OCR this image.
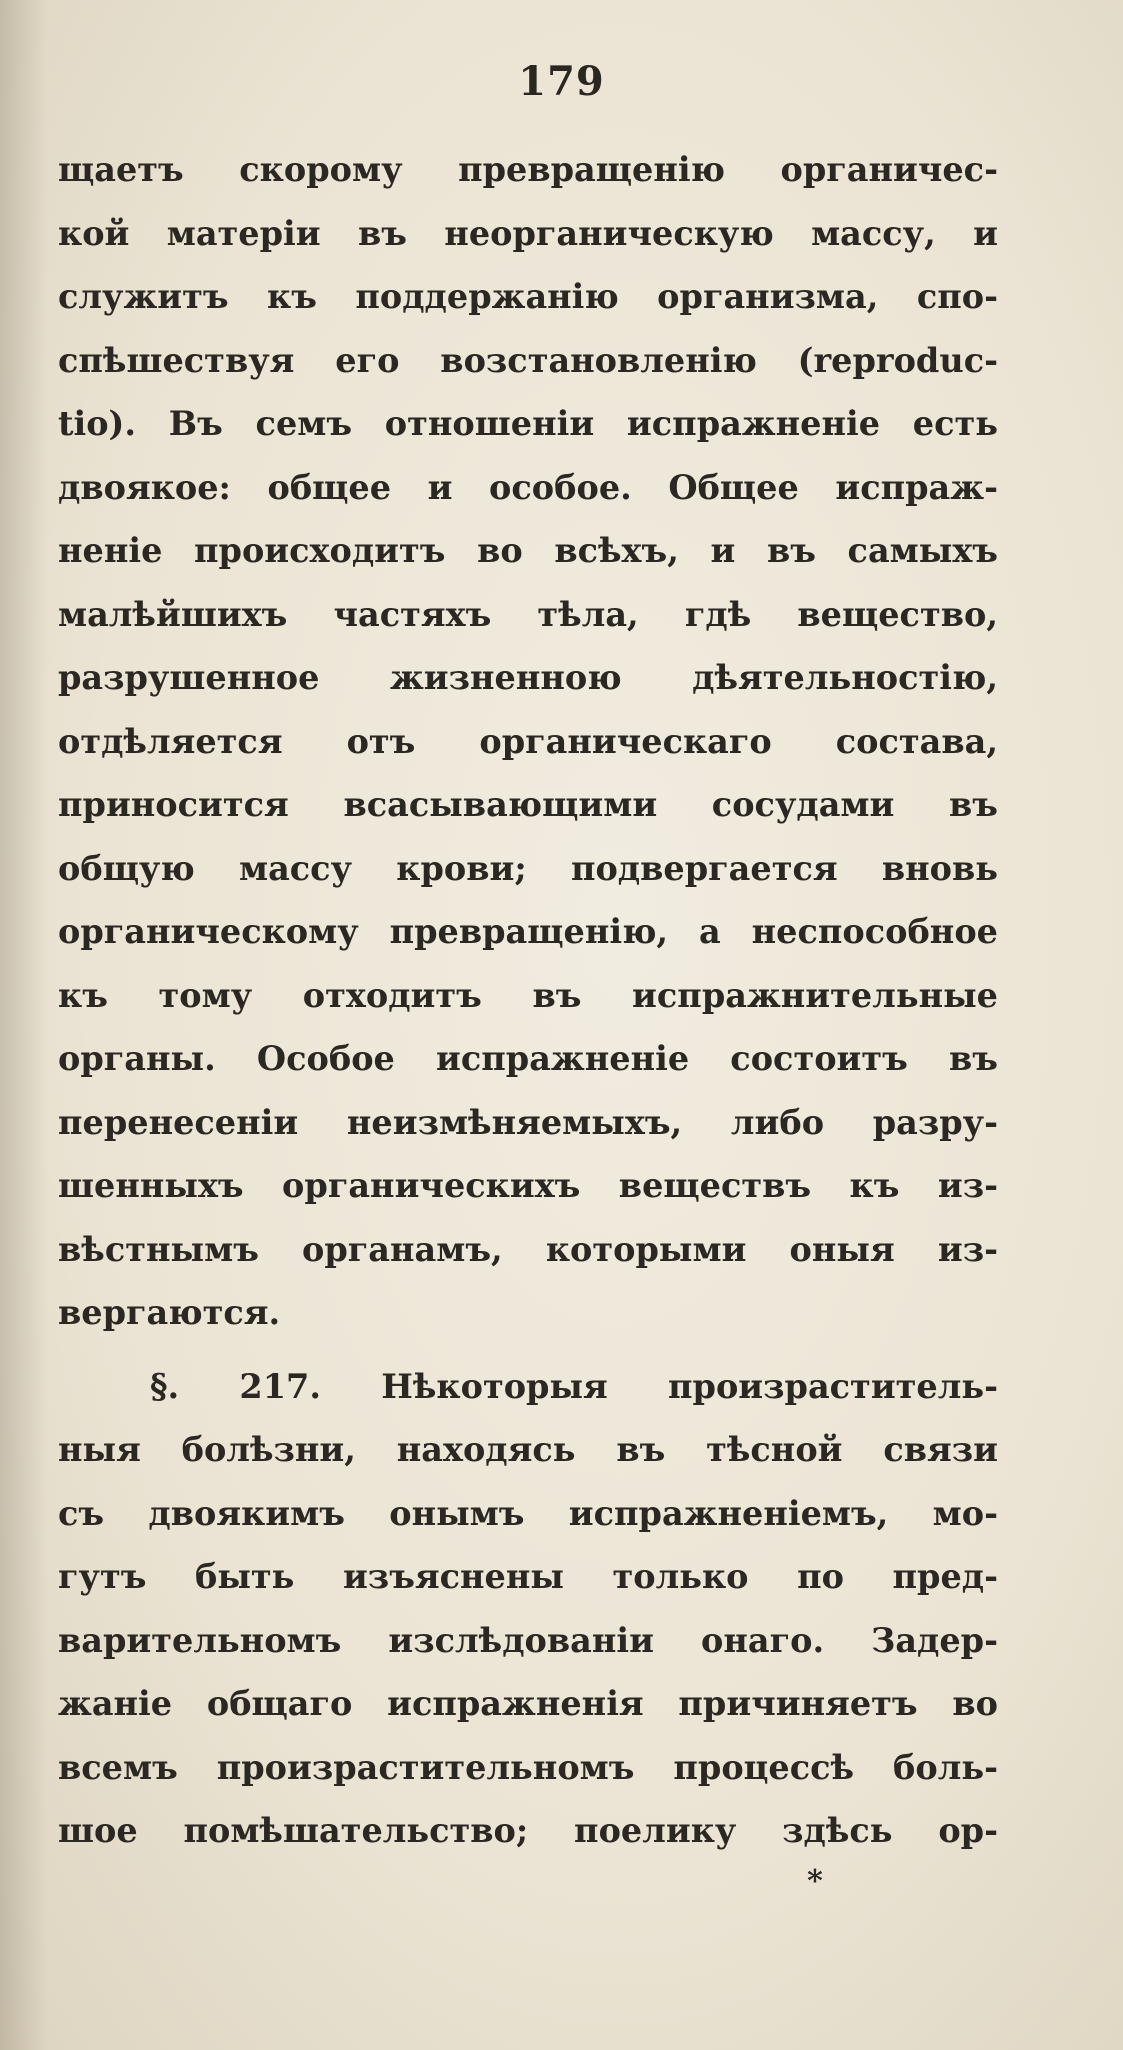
179
щаетъ скорому превращенію органичес-
кой матеріи въ неорганическую массу, и
служитъ къ поддержанію организма, спо-
спѣшествуя его возстановленію (reproduc-
tio). Въ семъ отношеніи испражненіе есть
двоякое: общее и особое. Общее испраж-
неніе происходитъ во всѣхъ, и въ самыхъ
малѣйшихъ частяхъ тѣла, гдѣ вещество,
разрушенное жизненною дѣятельностію,
отдѣляется отъ органическаго состава,
приносится всасывающими сосудами въ
общую массу крови; подвергается вновь
органическому превращенію, а неспособное
къ тому отходитъ въ испражнительные
органы. Особое испражненіе состоитъ въ
перенесеніи неизмѣняемыхъ, либо разру-
шенныхъ органическихъ веществъ къ из-
вѣстнымъ органамъ, которыми оныя из-
вергаются.
§. 217. Нѣкоторыя произраститель-
ныя болѣзни, находясь въ тѣсной связи
съ двоякимъ онымъ испражненіемъ, мо-
гутъ быть изъяснены только по пред-
варительномъ изслѣдованіи онаго. Задер-
жаніе общаго испражненія причиняетъ во
всемъ произрастительномъ процессѣ боль-
шое помѣшательство; поелику здѣсь ор-
*
